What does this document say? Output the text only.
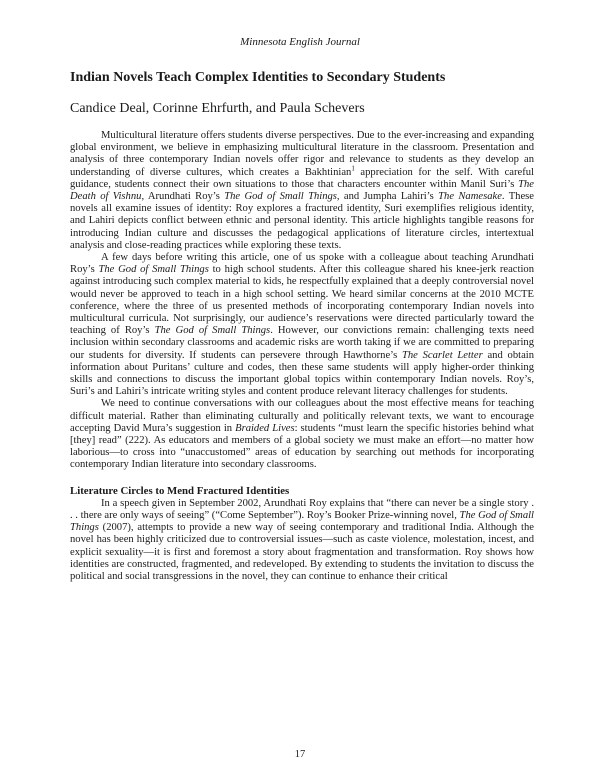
Minnesota English Journal
Indian Novels Teach Complex Identities to Secondary Students
Candice Deal, Corinne Ehrfurth, and Paula Schevers

Multicultural literature offers students diverse perspectives. Due to the ever-increasing and expanding global environment, we believe in emphasizing multicultural literature in the classroom. Presentation and analysis of three contemporary Indian novels offer rigor and relevance to students as they develop an understanding of diverse cultures, which creates a Bakhtinian$^1$ appreciation for the self. With careful guidance, students connect their own situations to those that characters encounter within Manil Suri’s The Death of Vishnu, Arundhati Roy’s The God of Small Things, and Jumpha Lahiri’s The Namesake. These novels all examine issues of identity: Roy explores a fractured identity, Suri exemplifies religious identity, and Lahiri depicts conflict between ethnic and personal identity. This article highlights tangible reasons for introducing Indian culture and discusses the pedagogical applications of literature circles, intertextual analysis and close-reading practices while exploring these texts.

A few days before writing this article, one of us spoke with a colleague about teaching Arundhati Roy’s The God of Small Things to high school students. After this colleague shared his knee-jerk reaction against introducing such complex material to kids, he respectfully explained that a deeply controversial novel would never be approved to teach in a high school setting. We heard similar concerns at the 2010 MCTE conference, where the three of us presented methods of incorporating contemporary Indian novels into multicultural curricula. Not surprisingly, our audience’s reservations were directed particularly toward the teaching of Roy’s The God of Small Things. However, our convictions remain: challenging texts need inclusion within secondary classrooms and academic risks are worth taking if we are committed to preparing our students for diversity. If students can persevere through Hawthorne’s The Scarlet Letter and obtain information about Puritans’ culture and codes, then these same students will apply higher-order thinking skills and connections to discuss the important global topics within contemporary Indian novels. Roy’s, Suri’s and Lahiri’s intricate writing styles and content produce relevant literacy challenges for students.

We need to continue conversations with our colleagues about the most effective means for teaching difficult material. Rather than eliminating culturally and politically relevant texts, we want to encourage accepting David Mura’s suggestion in Braided Lives: students “must learn the specific histories behind what [they] read” (222). As educators and members of a global society we must make an effort—no matter how laborious—to cross into “unaccustomed” areas of education by searching out methods for incorporating contemporary Indian literature into secondary classrooms.

Literature Circles to Mend Fractured Identities

In a speech given in September 2002, Arundhati Roy explains that “there can never be a single story . . . there are only ways of seeing” (“Come September”). Roy’s Booker Prize-winning novel, The God of Small Things (2007), attempts to provide a new way of seeing contemporary and traditional India. Although the novel has been highly criticized due to controversial issues—such as caste violence, molestation, incest, and explicit sexuality—it is first and foremost a story about fragmentation and transformation. Roy shows how identities are constructed, fragmented, and redeveloped. By extending to students the invitation to discuss the political and social transgressions in the novel, they can continue to enhance their critical

17
